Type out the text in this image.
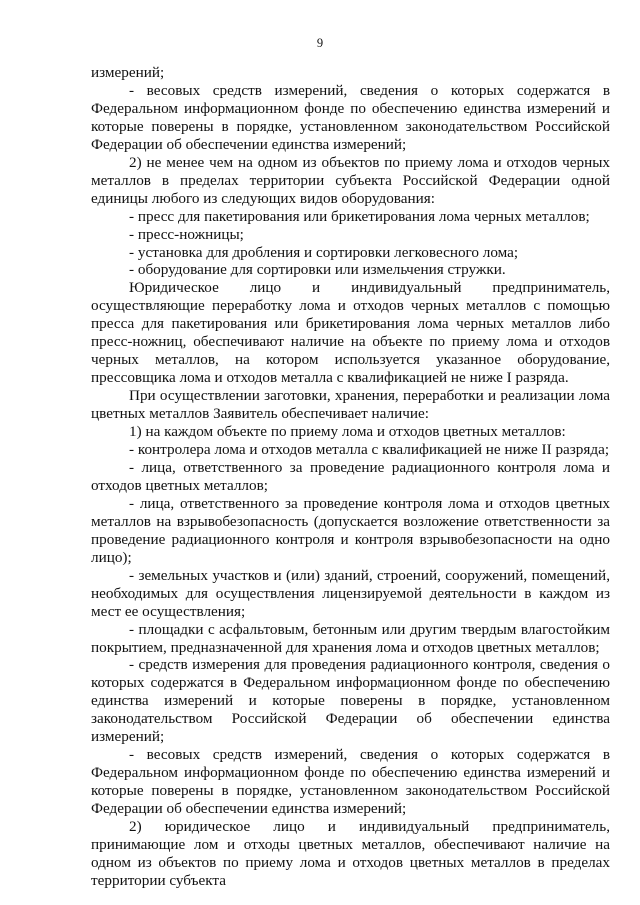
9

измерений;

- весовых средств измерений, сведения о которых содержатся в Федеральном информационном фонде по обеспечению единства измерений и которые поверены в порядке, установленном законодательством Российской Федерации об обеспечении единства измерений;

2) не менее чем на одном из объектов по приему лома и отходов черных металлов в пределах территории субъекта Российской Федерации одной единицы любого из следующих видов оборудования:

- пресс для пакетирования или брикетирования лома черных металлов;

- пресс-ножницы;

- установка для дробления и сортировки легковесного лома;

- оборудование для сортировки или измельчения стружки.

Юридическое лицо и индивидуальный предприниматель, осуществляющие переработку лома и отходов черных металлов с помощью пресса для пакетирования или брикетирования лома черных металлов либо пресс-ножниц, обеспечивают наличие на объекте по приему лома и отходов черных металлов, на котором используется указанное оборудование, прессовщика лома и отходов металла с квалификацией не ниже I разряда.

При осуществлении заготовки, хранения, переработки и реализации лома цветных металлов Заявитель обеспечивает наличие:

1) на каждом объекте по приему лома и отходов цветных металлов:

- контролера лома и отходов металла с квалификацией не ниже II разряда;

- лица, ответственного за проведение радиационного контроля лома и отходов цветных металлов;

- лица, ответственного за проведение контроля лома и отходов цветных металлов на взрывобезопасность (допускается возложение ответственности за проведение радиационного контроля и контроля взрывобезопасности на одно лицо);

- земельных участков и (или) зданий, строений, сооружений, помещений, необходимых для осуществления лицензируемой деятельности в каждом из мест ее осуществления;

- площадки с асфальтовым, бетонным или другим твердым влагостойким покрытием, предназначенной для хранения лома и отходов цветных металлов;

- средств измерения для проведения радиационного контроля, сведения о которых содержатся в Федеральном информационном фонде по обеспечению единства измерений и которые поверены в порядке, установленном законодательством Российской Федерации об обеспечении единства измерений;

- весовых средств измерений, сведения о которых содержатся в Федеральном информационном фонде по обеспечению единства измерений и которые поверены в порядке, установленном законодательством Российской Федерации об обеспечении единства измерений;

2) юридическое лицо и индивидуальный предприниматель, принимающие лом и отходы цветных металлов, обеспечивают наличие на одном из объектов по приему лома и отходов цветных металлов в пределах территории субъекта
